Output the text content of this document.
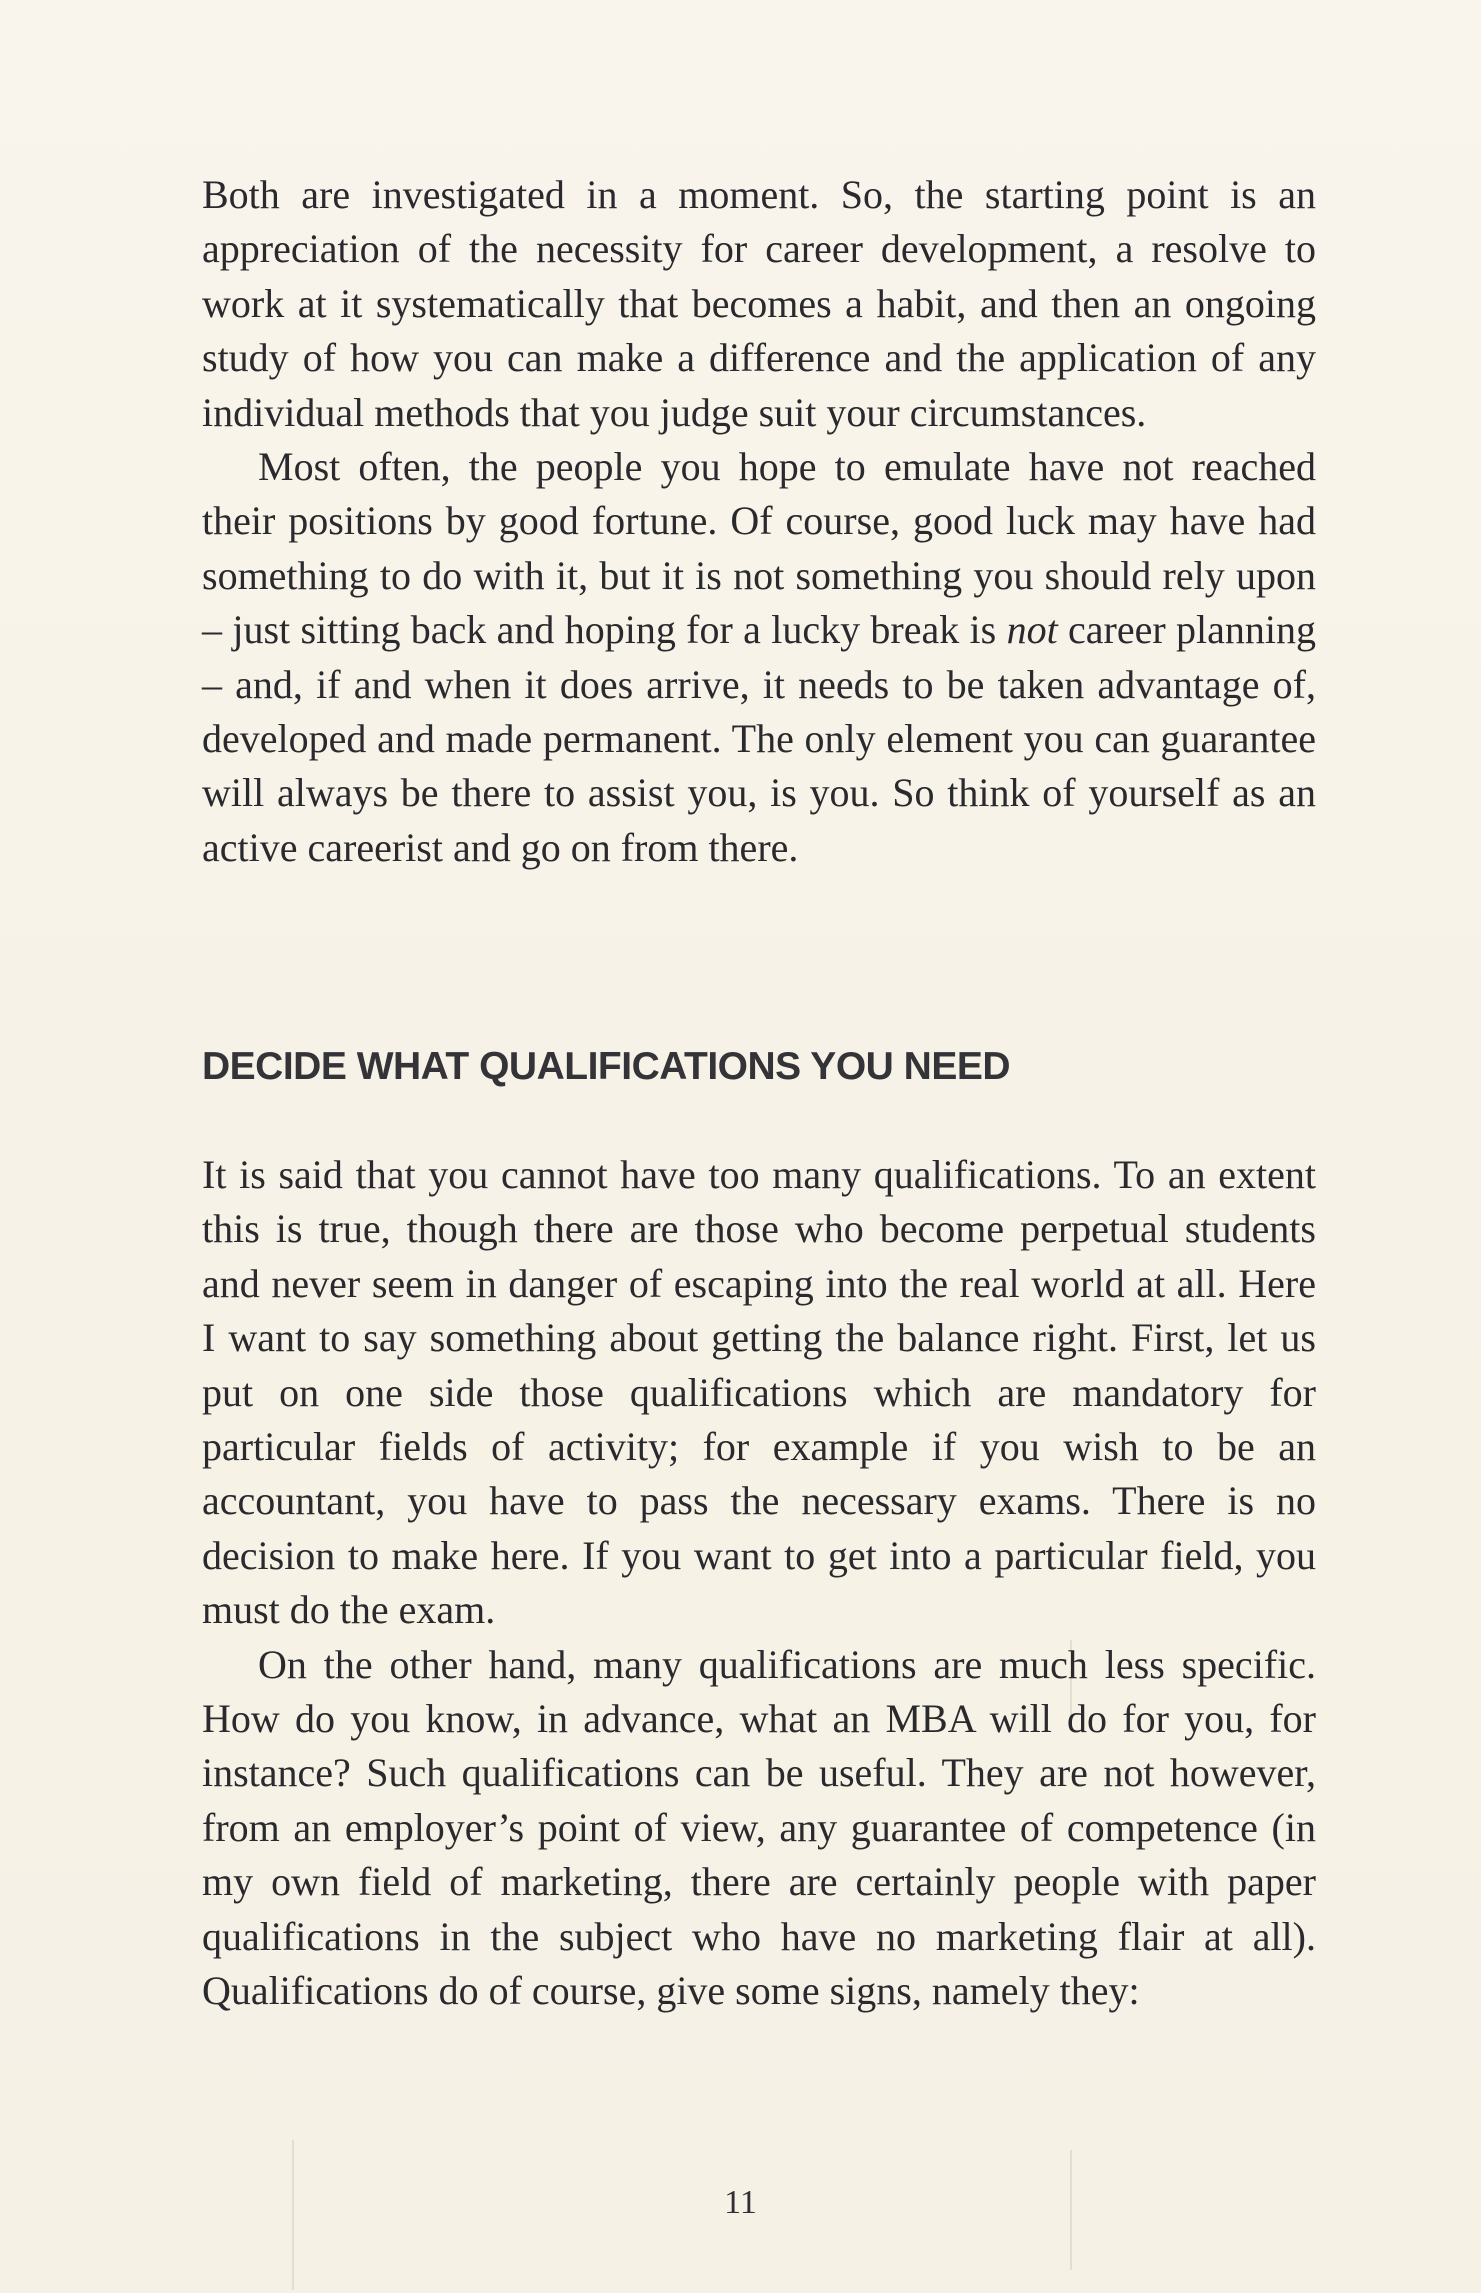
Both are investigated in a moment. So, the starting point is an appreciation of the necessity for career development, a resolve to work at it systematically that becomes a habit, and then an ongoing study of how you can make a difference and the application of any individual methods that you judge suit your circumstances.

Most often, the people you hope to emulate have not reached their positions by good fortune. Of course, good luck may have had something to do with it, but it is not something you should rely upon – just sitting back and hoping for a lucky break is not career planning – and, if and when it does arrive, it needs to be taken advantage of, developed and made permanent. The only element you can guarantee will always be there to assist you, is you. So think of yourself as an active careerist and go on from there.

DECIDE WHAT QUALIFICATIONS YOU NEED

It is said that you cannot have too many qualifications. To an extent this is true, though there are those who become perpetual students and never seem in danger of escaping into the real world at all. Here I want to say something about getting the balance right. First, let us put on one side those qualifications which are mandatory for particular fields of activity; for example if you wish to be an accountant, you have to pass the necessary exams. There is no decision to make here. If you want to get into a particular field, you must do the exam.

On the other hand, many qualifications are much less specific. How do you know, in advance, what an MBA will do for you, for instance? Such qualifications can be useful. They are not however, from an employer’s point of view, any guarantee of competence (in my own field of marketing, there are certainly people with paper qualifications in the subject who have no marketing flair at all). Qualifications do of course, give some signs, namely they:

11
